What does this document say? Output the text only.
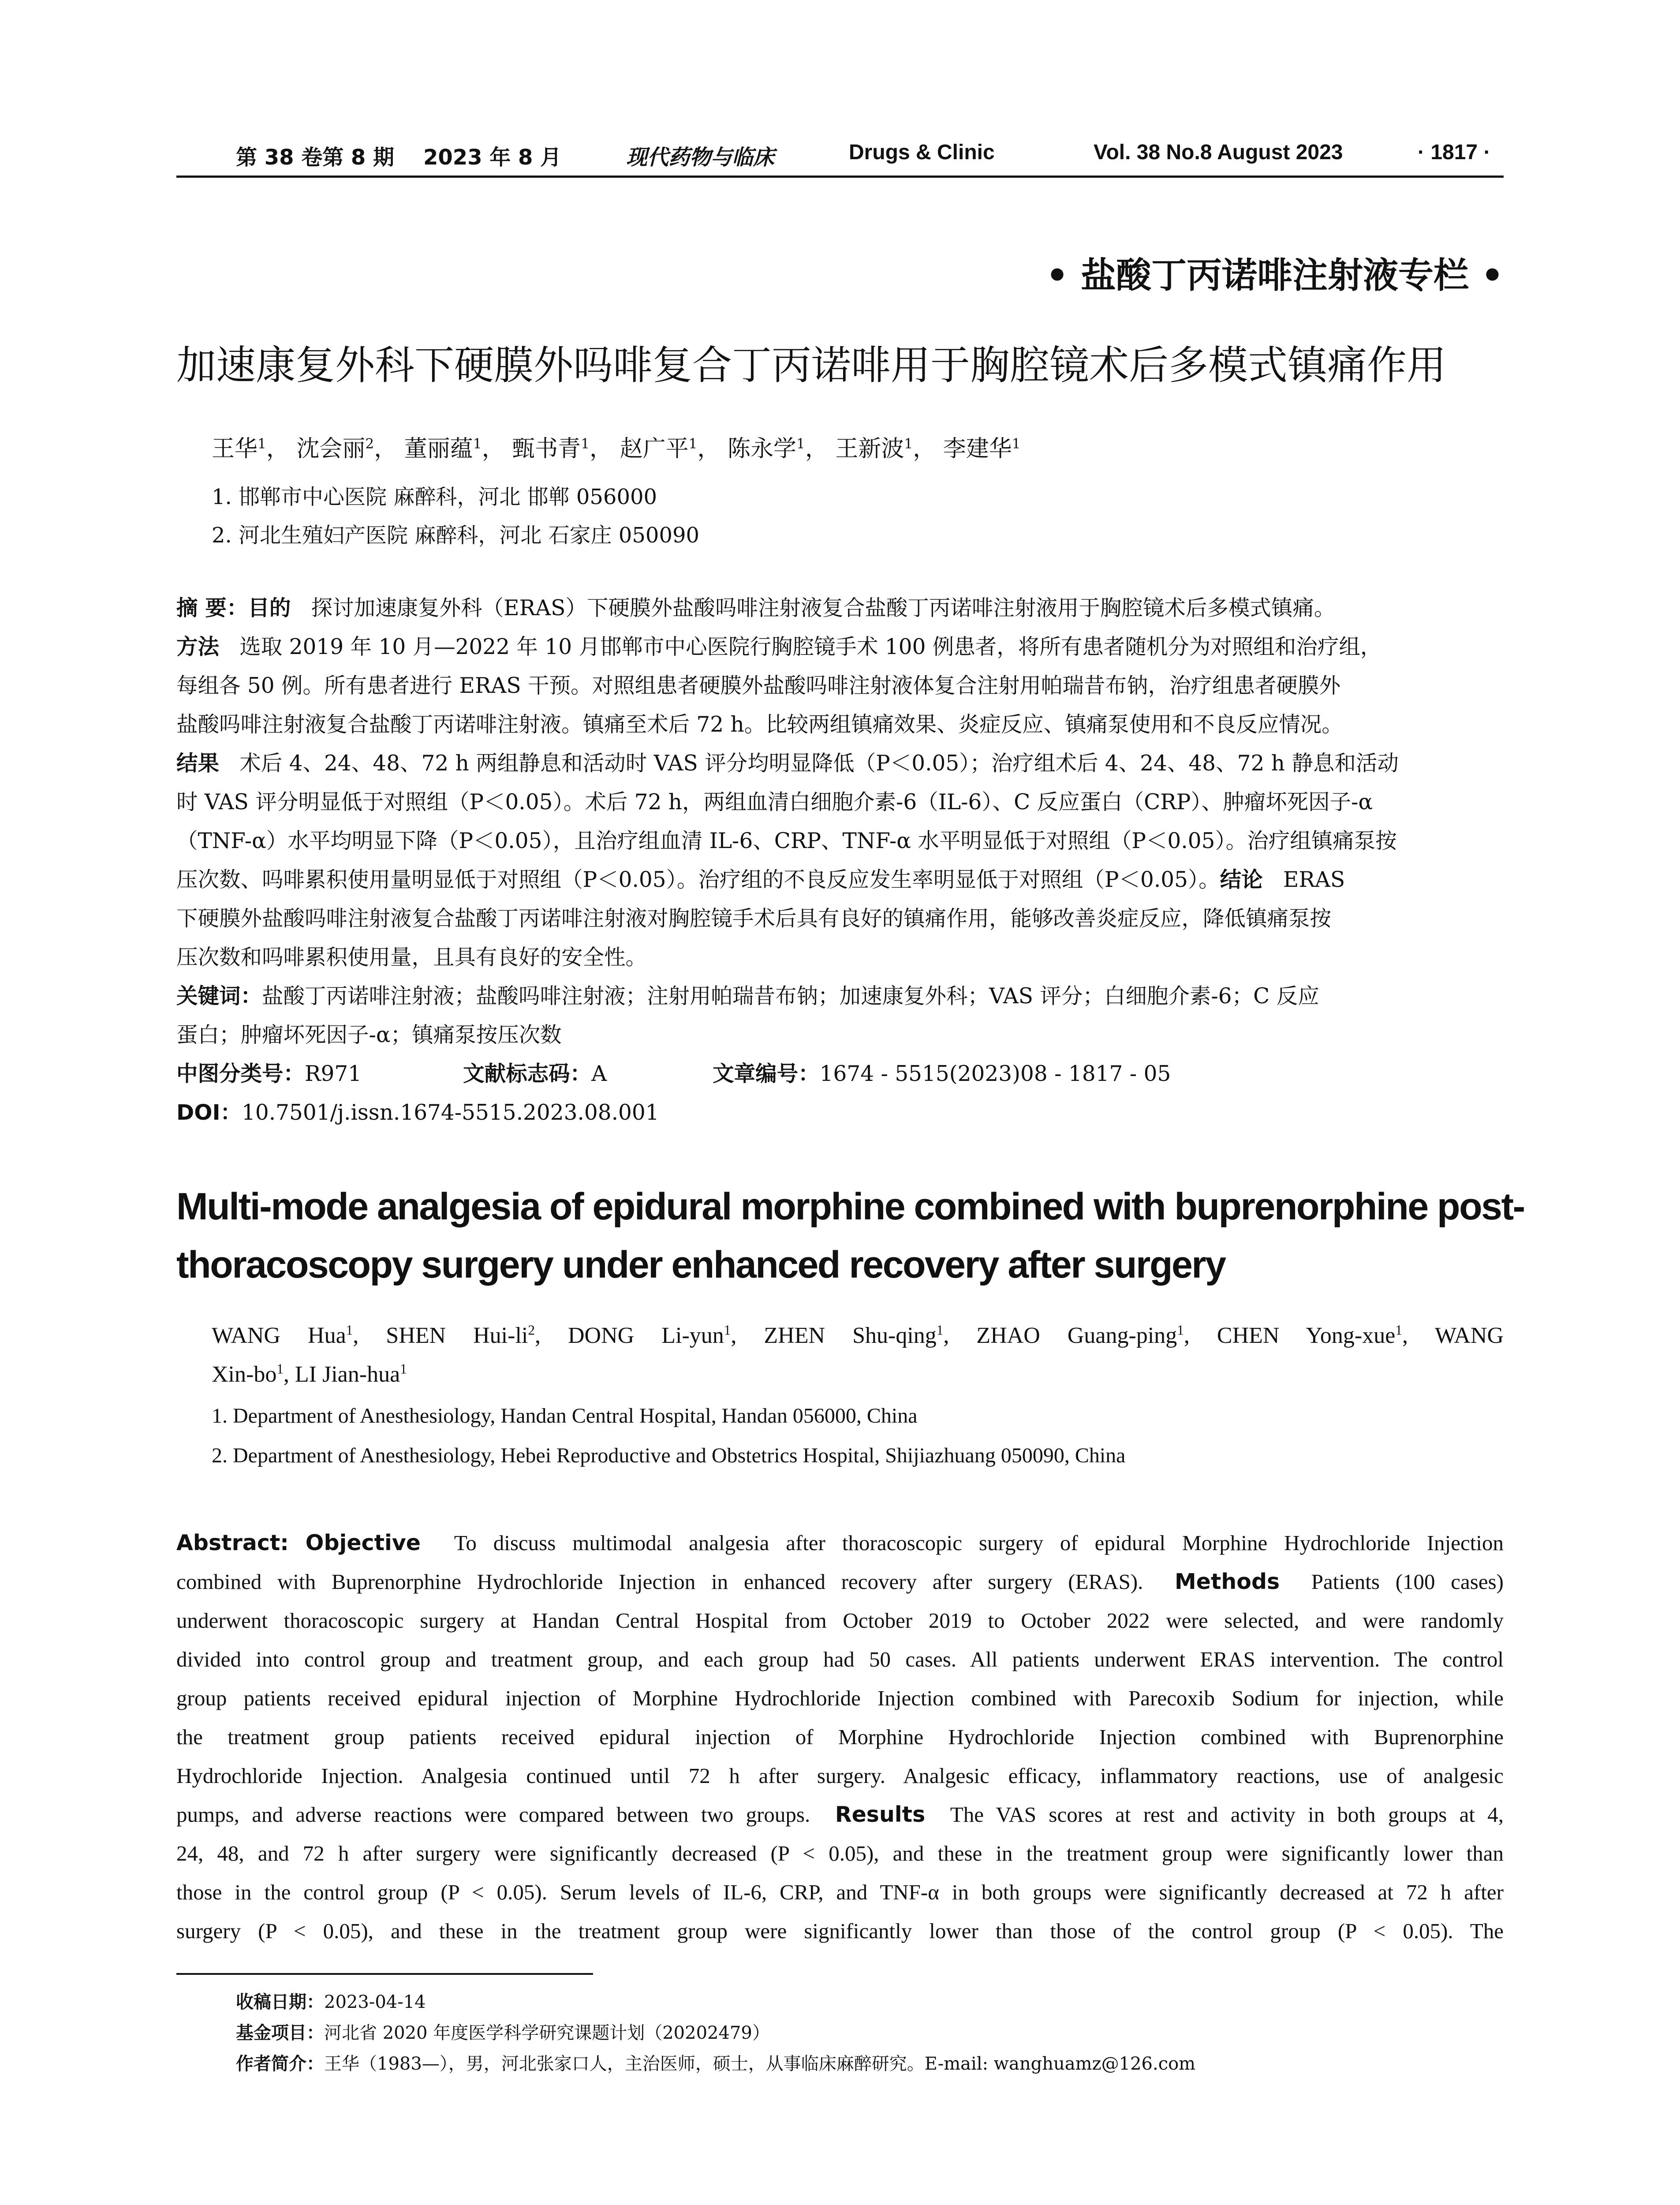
第 38 卷第 8 期 2023 年 8 月	现代药物与临床	Drugs & Clinic	Vol. 38 No.8 August 2023	· 1817 ·
• 盐酸丁丙诺啡注射液专栏 •
加速康复外科下硬膜外吗啡复合丁丙诺啡用于胸腔镜术后多模式镇痛作用
王华$^1$， 沈会丽$^2$， 董丽蕴$^1$， 甄书青$^1$， 赵广平$^1$， 陈永学$^1$， 王新波$^1$， 李建华$^1$
1. 邯郸市中心医院 麻醉科，河北 邯郸 056000
2. 河北生殖妇产医院 麻醉科，河北 石家庄 050090
摘 要：目的 探讨加速康复外科（ERAS）下硬膜外盐酸吗啡注射液复合盐酸丁丙诺啡注射液用于胸腔镜术后多模式镇痛。
方法 选取 2019 年 10 月—2022 年 10 月邯郸市中心医院行胸腔镜手术 100 例患者，将所有患者随机分为对照组和治疗组，
每组各 50 例。所有患者进行 ERAS 干预。对照组患者硬膜外盐酸吗啡注射液体复合注射用帕瑞昔布钠，治疗组患者硬膜外
盐酸吗啡注射液复合盐酸丁丙诺啡注射液。镇痛至术后 72 h。比较两组镇痛效果、炎症反应、镇痛泵使用和不良反应情况。
结果 术后 4、24、48、72 h 两组静息和活动时 VAS 评分均明显降低（P＜0.05）；治疗组术后 4、24、48、72 h 静息和活动
时 VAS 评分明显低于对照组（P＜0.05）。术后 72 h，两组血清白细胞介素-6（IL-6）、C 反应蛋白（CRP）、肿瘤坏死因子-α
（TNF-α）水平均明显下降（P＜0.05），且治疗组血清 IL-6、CRP、TNF-α 水平明显低于对照组（P＜0.05）。治疗组镇痛泵按
压次数、吗啡累积使用量明显低于对照组（P＜0.05）。治疗组的不良反应发生率明显低于对照组（P＜0.05）。结论 ERAS
下硬膜外盐酸吗啡注射液复合盐酸丁丙诺啡注射液对胸腔镜手术后具有良好的镇痛作用，能够改善炎症反应，降低镇痛泵按
压次数和吗啡累积使用量，且具有良好的安全性。
关键词：盐酸丁丙诺啡注射液；盐酸吗啡注射液；注射用帕瑞昔布钠；加速康复外科；VAS 评分；白细胞介素-6；C 反应
蛋白；肿瘤坏死因子-α；镇痛泵按压次数
中图分类号：R971	文献标志码：A	文章编号：1674 - 5515(2023)08 - 1817 - 05
DOI：10.7501/j.issn.1674-5515.2023.08.001
Multi-mode analgesia of epidural morphine combined with buprenorphine post-
thoracoscopy surgery under enhanced recovery after surgery
WANG Hua$^1$, SHEN Hui-$li^2$, DONG Li-yun$^1$, ZHEN Shu-qing$^1$, ZHAO Guang-ping$^1$, CHEN Yong-xue$^1$, WANG
Xin-$bo^1$, LI Jian-hua$^1$
1. Department of Anesthesiology, Handan Central Hospital, Handan 056000, China
2. Department of Anesthesiology, Hebei Reproductive and Obstetrics Hospital, Shijiazhuang 050090, China
Abstract: Objective To discuss multimodal analgesia after thoracoscopic surgery of epidural Morphine Hydrochloride Injection
combined with Buprenorphine Hydrochloride Injection in enhanced recovery after surgery (ERAS). Methods Patients (100 cases)
underwent thoracoscopic surgery at Handan Central Hospital from October 2019 to October 2022 were selected, and were randomly
divided into control group and treatment group, and each group had 50 cases. All patients underwent ERAS intervention. The control
group patients received epidural injection of Morphine Hydrochloride Injection combined with Parecoxib Sodium for injection, while
the treatment group patients received epidural injection of Morphine Hydrochloride Injection combined with Buprenorphine
Hydrochloride Injection. Analgesia continued until 72 h after surgery. Analgesic efficacy, inflammatory reactions, use of analgesic
pumps, and adverse reactions were compared between two groups. Results The VAS scores at rest and activity in both groups at 4,
24, 48, and 72 h after surgery were significantly decreased (P < 0.05), and these in the treatment group were significantly lower than
those in the control group (P < 0.05). Serum levels of IL-6, CRP, and TNF-α in both groups were significantly decreased at 72 h after
surgery (P < 0.05), and these in the treatment group were significantly lower than those of the control group (P < 0.05). The
收稿日期：2023-04-14
基金项目：河北省 2020 年度医学科学研究课题计划（20202479）
作者简介：王华（1983—），男，河北张家口人，主治医师，硕士，从事临床麻醉研究。E-mail: wanghuamz@126.com
